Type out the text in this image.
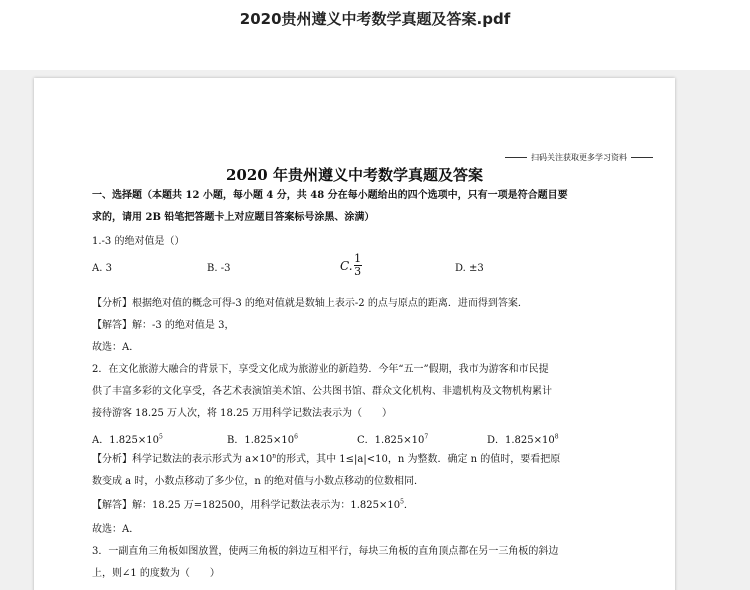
2020贵州遵义中考数学真题及答案.pdf
扫码关注获取更多学习资料
2020 年贵州遵义中考数学真题及答案
一、选择题（本题共 12 小题，每小题 4 分，共 48 分在每小题给出的四个选项中，只有一项是符合题目要
求的，请用 2B 铅笔把答题卡上对应题目答案标号涂黑、涂满）
1.-3 的绝对值是（）
A. 3	B. -3	C. 1
3	D. ±3
【分析】根据绝对值的概念可得-3 的绝对值就是数轴上表示-2 的点与原点的距离．进而得到答案．
【解答】解：-3 的绝对值是 3，
故选：A．
2．在文化旅游大融合的背景下，享受文化成为旅游业的新趋势．今年“五一”假期，我市为游客和市民提
供了丰富多彩的文化享受，各艺术表演馆美术馆、公共图书馆、群众文化机构、非遗机构及文物机构累计
接待游客 18.25 万人次，将 18.25 万用科学记数法表示为（　　）
A．$1.825\times 10^5$	B．$1.825\times 10^6$	C．$1.825\times 10^7$	D．$1.825\times 10^8$
【分析】科学记数法的表示形式为 $a\times 10^n$的形式，其中 1≤|a|<10，n 为整数．确定 n 的值时，要看把原
数变成 a 时，小数点移动了多少位，n 的绝对值与小数点移动的位数相同．
【解答】解：18.25 万=182500，用科学记数法表示为：$1.825\times 10^5$．
故选：A．
3．一副直角三角板如图放置，使两三角板的斜边互相平行，每块三角板的直角顶点都在另一三角板的斜边
上，则∠1 的度数为（　　）
